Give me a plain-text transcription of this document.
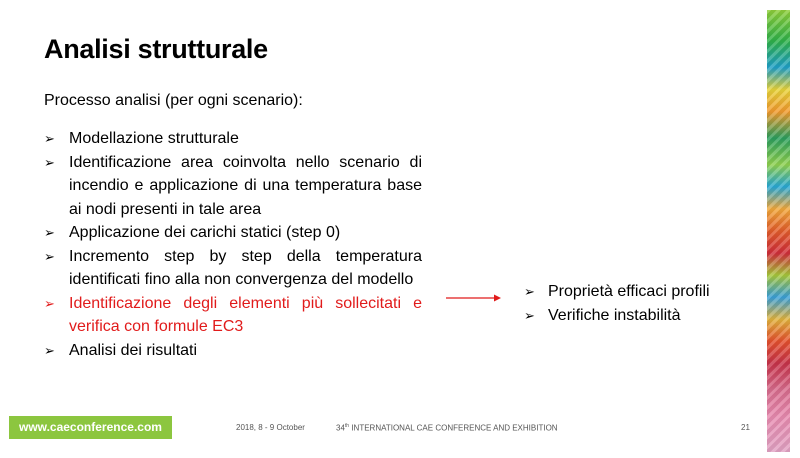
Analisi strutturale
Processo analisi (per ogni scenario):
➢ Modellazione strutturale
➢ Identificazione area coinvolta nello scenario di incendio e applicazione di una temperatura base ai nodi presenti in tale area
➢ Applicazione dei carichi statici (step 0)
➢ Incremento step by step della temperatura identificati fino alla non convergenza del modello
➢ Identificazione degli elementi più sollecitati e verifica con formule EC3
➢ Analisi dei risultati
➢ Proprietà efficaci profili
➢ Verifiche instabilità
www.caeconference.com	2018, 8 - 9 October	34th INTERNATIONAL CAE CONFERENCE AND EXHIBITION	21
